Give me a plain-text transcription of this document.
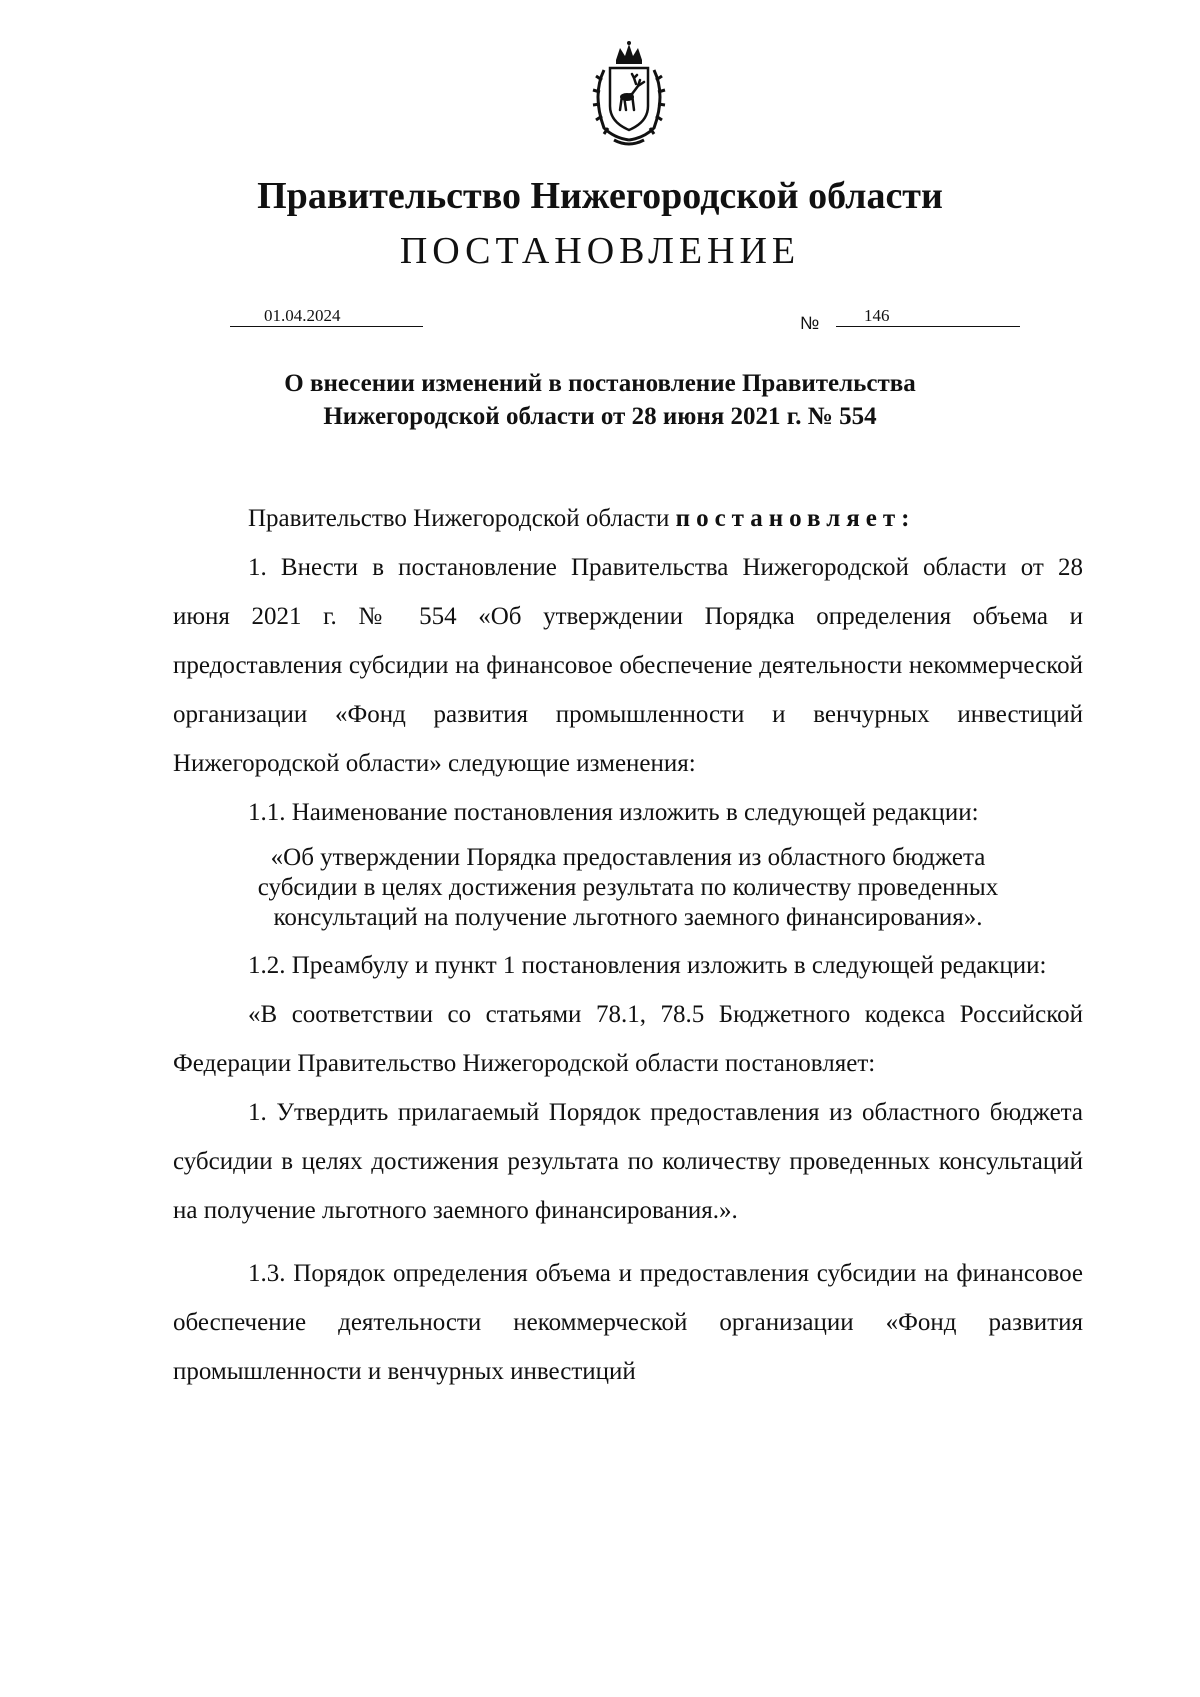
Правительство Нижегородской области
ПОСТАНОВЛЕНИЕ
01.04.2024	№	146
О внесении изменений в постановление Правительства
Нижегородской области от 28 июня 2021 г. № 554

Правительство Нижегородской области постановляет:

1. Внести в постановление Правительства Нижегородской области от 28 июня 2021 г. № 554 «Об утверждении Порядка определения объема и предоставления субсидии на финансовое обеспечение деятельности некоммерческой организации «Фонд развития промышленности и венчурных инвестиций Нижегородской области» следующие изменения:

1.1. Наименование постановления изложить в следующей редакции:

«Об утверждении Порядка предоставления из областного бюджета
субсидии в целях достижения результата по количеству проведенных
консультаций на получение льготного заемного финансирования».

1.2. Преамбулу и пункт 1 постановления изложить в следующей редакции:

«В соответствии со статьями 78.1, 78.5 Бюджетного кодекса Российской Федерации Правительство Нижегородской области постановляет:

1. Утвердить прилагаемый Порядок предоставления из областного бюджета субсидии в целях достижения результата по количеству проведенных консультаций на получение льготного заемного финансирования.».

1.3. Порядок определения объема и предоставления субсидии на финансовое обеспечение деятельности некоммерческой организации «Фонд развития промышленности и венчурных инвестиций
